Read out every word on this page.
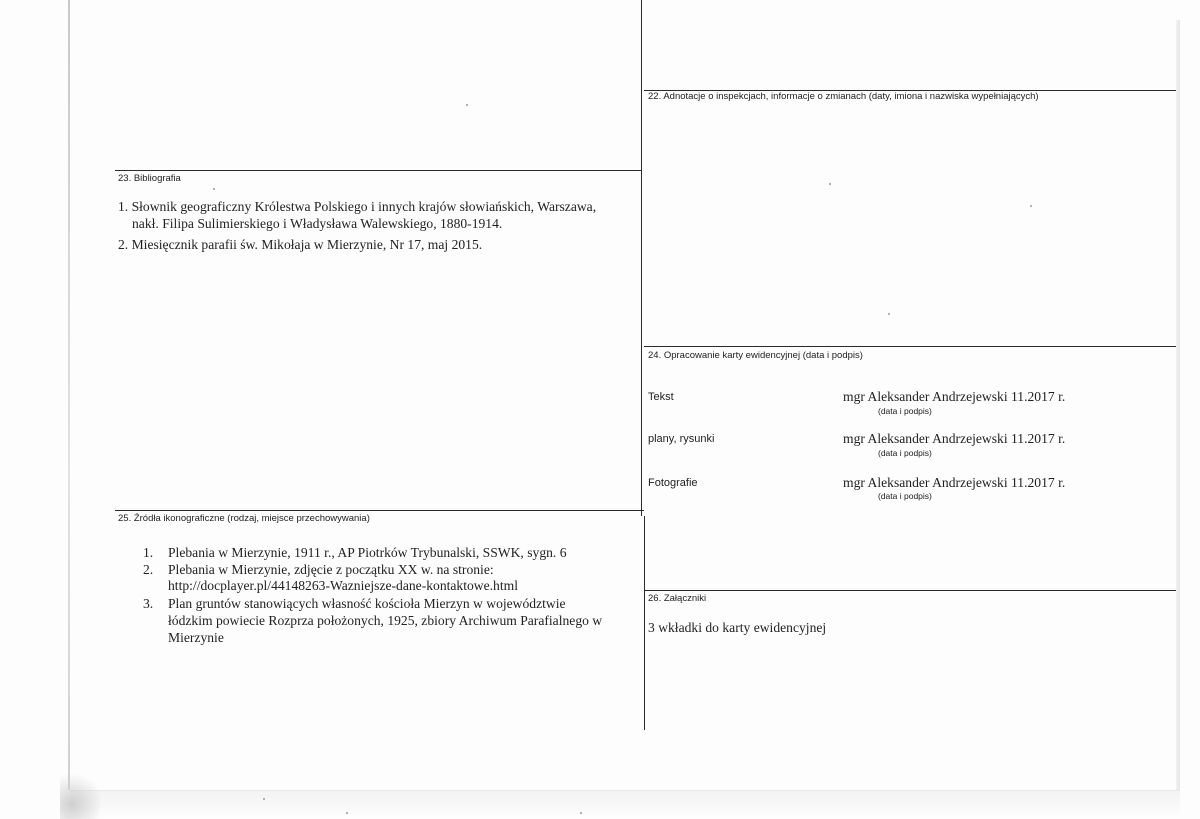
22. Adnotacje o inspekcjach, informacje o zmianach (daty, imiona i nazwiska wypełniających)
23. Bibliografia
1. Słownik geograficzny Królestwa Polskiego i innych krajów słowiańskich, Warszawa,
nakł. Filipa Sulimierskiego i Władysława Walewskiego, 1880-1914.
2. Miesięcznik parafii św. Mikołaja w Mierzynie, Nr 17, maj 2015.
24. Opracowanie karty ewidencyjnej (data i podpis)
Tekst	mgr Aleksander Andrzejewski 11.2017 r.
(data i podpis)
plany, rysunki	mgr Aleksander Andrzejewski 11.2017 r.
(data i podpis)
Fotografie	mgr Aleksander Andrzejewski 11.2017 r.
(data i podpis)
25. Źródła ikonograficzne (rodzaj, miejsce przechowywania)
1. Plebania w Mierzynie, 1911 r., AP Piotrków Trybunalski, SSWK, sygn. 6
2. Plebania w Mierzynie, zdjęcie z początku XX w. na stronie:
http://docplayer.pl/44148263-Wazniejsze-dane-kontaktowe.html
3. Plan gruntów stanowiących własność kościoła Mierzyn w województwie
łódzkim powiecie Rozprza położonych, 1925, zbiory Archiwum Parafialnego w
Mierzynie
26. Załączniki
3 wkładki do karty ewidencyjnej
